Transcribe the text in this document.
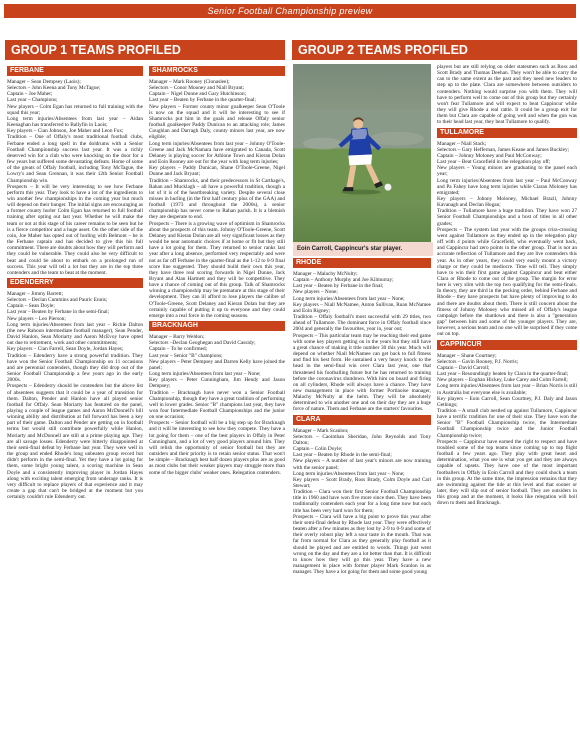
Senior Football Championship preview
GROUP 1 TEAMS PROFILED	GROUP 2 TEAMS PROFILED
FERBANE
Manager – Sean Dempsey (Laois);
Selectors – John Keena and Tony McTague;
Captain – Joe Maher;
Last year – Champions;
New players – Colm Egan has returned to full training with the squad this year;
Long term injuries/Absentees from last year – Aidan Keenaghan has transferred to Ballyfin in Laois;
Key players – Cian Johnson, Joe Maher and Leon Fox;
Tradition – One of Offaly's most traditional football clubs, Ferbane ended a long spell in the doldrums with a Senior Football Championship success last year. It was a richly deserved win for a club who were knocking on the door for a few years but suffered some devastating defeats. Home of some of the greats of Offaly football, including Tony McTague, the Lowry's and Sean Grennan, it was their 12th Senior Football Championship win.
Prospects – It will be very interesting to see how Ferbane perform this year. They look to have a lot of the ingredients to win another few championships in the coming year but much will depend on their hunger. The initial signs are encouraging as a former county hurler Colm Egan has returned to full football training after opting out last year. Whether he will make the team or not at this stage of his career remains to be seen but he is a fierce competitor and a huge asset. On the other side of the coin, Joe Maher has opted out of hurling with Belmont – he is the Ferbane captain and has decided to give this his full commitment. There are doubts about how they will perform and they could be vulnerable. They could also be very difficult to beat and could be about to embark on a prolonged run of success. This year will tell a lot but they are in the top three contenders and the team to beat at the moment.
EDENDERRY
Manager – Jimmy Barrett;
Selectors – Declan Cummins and Pauric Ennis;
Captain – Sean Doyle;
Last year – Beaten by Ferbane in the semi-final;
New players – Leo Pierson;
Long term injuries/Absentees from last year – Richie Dalton (the new Rahoon intermediate football manager), Sean Pender, David Hanlon, Sean Moriarty and Aaron McEvoy have opted out due to retirement, work and other commitments;
Key players – Cian Farrell, Sean Doyle, Jordan Hayes;
Tradition – Edenderry have a strong powerful tradition. They have won the Senior Football Championship on 11 occasions and are perennial contenders, though they did drop out of the Senior Football Championship a few years ago in the early 2000s.
Prospects – Edenderry should be contenders but the above list of absentees suggests that it could be a year of transition for them. Dalton, Pender and Hanlon have all played senior football for Offaly. Sean Moriarty has featured on the panel, playing a couple of league games and Aaron McDonnell's hill winning ability and distribution at full forward has been a key part of their game. Dalton and Pender are getting on in football terms but would still contribute powerfully while Hanlon, Moriarty and McDonnell are still at a prime playing age. They are all savage losses. Edenderry were bitterly disappointed at their semi-final defeat by Ferbane last year. They were well in the group and ended Rhode's long unbeaten group record but didn't perform in the semi-final. Yet they have a lot going for them, some bright young talent, a scoring machine in Sean Doyle and a consistently improving player in Jordan Hayes along with exciting talent emerging from underage ranks. It is very difficult to replace players of that experience and it may create a gap that can't be bridged at the moment but you certainly couldn't rule Edenderry out.
SHAMROCKS
Manager – Mark Rooney (Clonaslee);
Selectors – Conor Mooney and Niall Bryant;
Captain – Nigel Dunne and Gary Hutchinson;
Last year – Beaten by Ferbane in the quarter-final;
New players – Former county minor goalkeeper Sean O'Toole is now on the squad and it will be interesting to see if Shamrocks put him in the goals and release Offaly senior football goalkeeper Paddy Dunican to an attacking role; James Coughlan and Darragh Daly, county minors last year, are now eligible;
Long term injuries/Absentees from last year – Johnny O'Toole-Greene and Jack McNamara have emigrated to Canada, Scott Delaney is playing soccer for Athlone Town and Kieran Dolan and Eoin Rooney are out for the year with long term injuries;
Key players – Paddy Dunican, Shane O'Toole-Greene, Nigel Dunne and Jack Bryant;
Tradition – Shamrocks, and their predecessors in St Carthage's, Rahan and Mucklagh – all have a powerful tradition, though a lot of it is of the heartbreaking variety. Despite several close misses in hurling (in the first half century plus of the GAA) and football (1973 and throughout the 2000s), a senior championship has never come to Rahan parish. It is a blemish they are desperate to end.
Prospects – There is a growing wave of optimism in Shamrocks about the prospects of this team. Johnny O'Toole-Greene, Scott Delaney and Kieran Dolan are all very significant losses as they would be near automatic choices if at home or fit but they still have a lot going for them. They returned to senior ranks last year after a long absence, performed very respectably and were not as far off Ferbane in the quarter-final as the 1-12 to 0-9 final score line suggested. They should build their own this year, they have three real scoring forwards in Nigel Dunne, Jack Bryant and Alan Hartnett and they will be competitive. They have a chance of coming out of this group. Talk of Shamrocks winning a championship may be premature at this stage of their development. They can ill afford to lose players the calibre of O'Toole-Greene, Scott Delaney and Kieran Dolan but they are certainly capable of putting it up to everyone and they could emerge into a real force in the coming seasons.
BRACKNAGH
Manager – Barry Weldon;
Selectors –Declan Geoghegan and David Cassidy;
Captain – To be confirmed;
Last year – Senior "B" champions;
New players – Peter Dempsey and Darren Kelly have joined the panel;
Long term injuries/Absentees from last year – None;
Key players – Peter Cunningham, Jim Hendy and Jason Dempsey;
Tradition – Bracknagh have never won a Senior Football Championship, though they have a great tradition of performing well in lower grades. Senior "B" champions last year, they have won four Intermediate Football Championships and the junior on one occasion;
Prospects – Senior football will be a big step up for Bracknagh and it will be interesting to see how they compete. They have a lot going for them – one of the best players in Offaly in Peter Cunningham, and a lot of very good players around him. They will relish the opportunity of senior football but they are outsiders and their priority is to retain senior status. That won't be simple – Bracknagh best half dozen players plus are as good as most clubs but their weaker players may struggle more than some of the bigger clubs' weaker ones. Relegation contenders.
Eoin Carroll, Cappincur's star player.
RHODE
Manager – Malachy McNulty;
Captain – Anthony Murphy and Joe Kilmurray;
Last year – Beaten by Ferbane in the final;
New players – None;
Long term injuries/Absentees from last year – None;
Key players – Niall McNamee, Anton Sullivan, Ruan McNamee and Eoin Rigney;
Tradition – Offaly football's most successful with 29 titles, two ahead of Tullamore. The dominant force in Offaly football since 2004 and generally the favourites, year in, year out;
Prospects – This particular team may be reaching their end game with some key players getting on in the years but they still have a great chance of making it title number 30 this year. Much will depend on whether Niall McNamee can get back to full fitness and find his best form. He sustained a very heavy knock to the head in the semi-final win over Clara last year, one that threatened his footballing future but he has returned to training before the coronavirus shutdown. With him on board and firing on all cylinders, Rhode will always have a chance. They have new management in place with former Portlaoise manager, Malachy McNulty at the helm. They will be absolutely determined to win another one and on their day they are a huge force of nature. Them and Ferbane are the starters' favourites.
CLARA
Manager – Mark Scanlon;
Selectors – Caoimhan Sheridan, John Reynolds and Tony Dalton;
Captain – Colin Doyle;
Last year – Beaten by Rhode in the semi-final;
New players – A number of last year's minors are now training with the senior panel;
Long term injuries/Absentees from last year – None;
Key players – Scott Brady, Ross Brady, Colm Doyle and Carl Stewart;
Tradition – Clara won their first Senior Football Championship title in 1960 and have won five more since then. They have been traditionally contenders each year for a long time now but each title has been very hard won for them;
Prospects – Clara will have a big point to prove this year after their semi-final defeat by Rhode last year. They were effectively beaten after a few minutes as they lost by 2-9 to 0-9 and some of their overly robust play left a sour taste in the mouth. That was far from normal for Clara as they generally play football as it should be played and are entitled to words. Things just went wrong on the day and they are a lot better than that. It is difficult to know how they will go this year. They have a new management in place with former player Mark Scanlon in as manager. They have a lot going for them and some good young
players but are still relying on older statesmen such as Ross and Scott Brady and Thomas Deehan. They won't be able to carry the can to the same extent as the past and they need new leaders to step up to the plate. Clara are somewhere between outsiders to contenders. Nothing would surprise you with them. They will have to perform well to come out of this group but they certainly won't fear Tullamore and will expect to beat Cappincur while they will give Rhode a real rattle. It could be a group exit for them but Clara are capable of going well and when the gun was to their head last year, they beat Tullamore to qualify.
TULLAMORE
Manager – Niall Stack;
Selectors – Gary Heffernan, James Keane and James Buckley;
Captain – Johnny Moloney and Paul McConway;
Last year – Beat Gracefield in the relegation play off;
New players – Young minors are graduating to the panel each year;
Long term injuries/Absentees from last year – Paul McConway and Pa Fahey have long term injuries while Ciaran Moloney has emigrated;
Key players – Johnny Moloney, Michael Brazil, Johnny Kavanagh and Declan Hogan;
Tradition – Tullamore have a huge tradition. They have won 27 Senior Football Championships and a host of titles in all other grades;
Prospects – The system last year with the groups criss-crossing went against Tullamore as they ended up in the relegation play off with 4 points while Gracefield, who eventually went back, and Cappincur had zero points in the other group. That is not an accurate reflection of Tullamore and they are live contenders this year. As in other years, they could very easily mount a victory charge or they could be mediocre. Time will tell. They simply have to win their first game against Cappincur and beat either Clara or Rhode to come out of the group. The margin for error here is very slim with the top two qualifying for the semi-finals. In theory, they are third in the pecking order, behind Ferbane and Rhode – they have prospects but have plenty of improving to do and there are doubts about them. There is still concern about the fitness of Johnny Moloney who missed all of Offaly's league campaign before the shutdown and there is also a "generation gap" between him and some of the younger players. They are, however, a serious team and no one will be surprised if they come out on top.
CAPPINCUR
Manager – Shane Courtney;
Selectors – Gavin Rooney, P.J. Norris;
Captain – David Carroll;
Last year – Resoundingly beaten by Clara in the quarter-final;
New players – Eoghan Hickey, Luke Carey and Colm Farrell;
Long term injuries/Absentees from last year – Brian Norris is still in Australia but everyone else is available;
Key players – Eoin Carroll, Sean Courtney, P.J. Daly and Jason Gethings;
Tradition – A small club nestled up against Tullamore, Cappincur have a terrific tradition for one of their size. They have won the Senior "B" Football Championship twice, the Intermediate Football Championship twice and the Junior Football Championship twice;
Prospects – Cappincur have earned the right to respect and have troubled some of the top teams since coming up to top flight football a few years ago. They play with great heart and determination, what you see is what you get and they are always capable of upsets. They have one of the most important footballers in Offaly in Eoin Carroll and they could shock a team in this group. At the same time, the impression remains that they are swimming against the tide at this level and that sooner or later, they will slip out of senior football. They are outsiders in this group and at the moment, it looks like relegation will boil down to them and Bracknagh.
